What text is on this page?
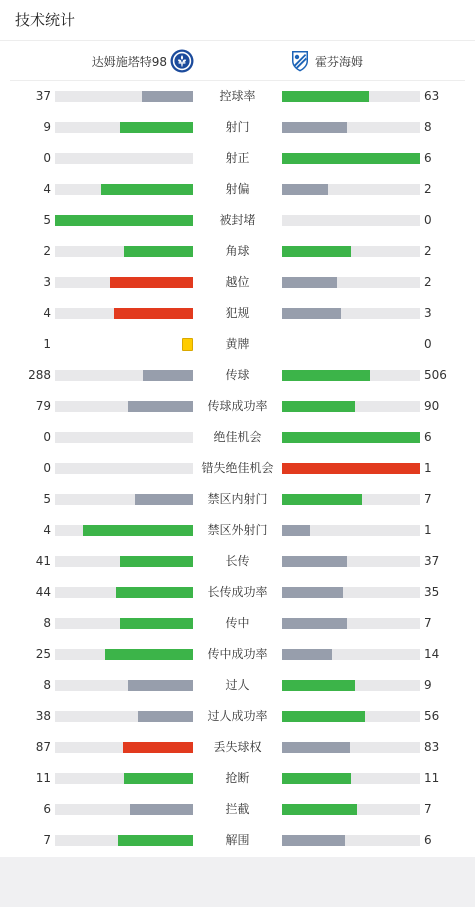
技术统计
达姆施塔特98	霍芬海姆
37	控球率	63
9	射门	8
0	射正	6
4	射偏	2
5	被封堵	0
2	角球	2
3	越位	2
4	犯规	3
1	黄牌	0
288	传球	506
79	传球成功率	90
0	绝佳机会	6
0	错失绝佳机会	1
5	禁区内射门	7
4	禁区外射门	1
41	长传	37
44	长传成功率	35
8	传中	7
25	传中成功率	14
8	过人	9
38	过人成功率	56
87	丢失球权	83
11	抢断	11
6	拦截	7
7	解围	6
